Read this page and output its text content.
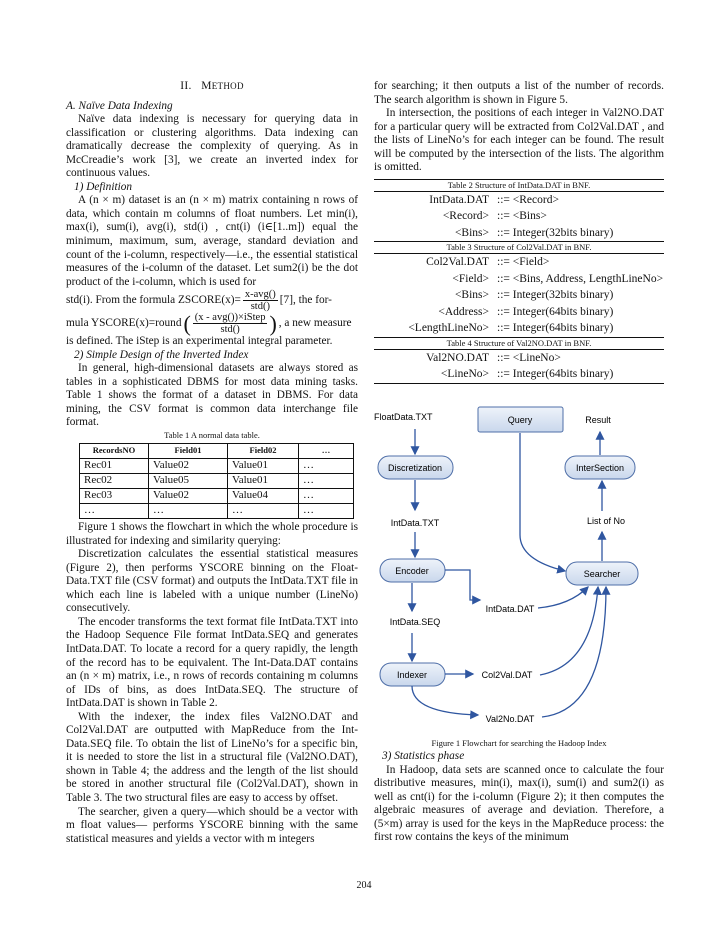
II. METHOD

A. Naïve Data Indexing

Naïve data indexing is necessary for querying data in classification or clustering algorithms. Data indexing can dramatically decrease the complexity of querying. As in McCreadie’s work [3], we create an inverted index for continuous values.

1) Definition

A (n × m) dataset is an (n × m) matrix containing n rows of data, which contain m columns of float numbers. Let min(i), max(i), sum(i), avg(i), std(i) , cnt(i) (i∈[1..m]) equal the minimum, maximum, sum, average, standard deviation and count of the i-column, respectively—i.e., the essential statistical measures of the i-column of the dataset. Let sum2(i) be the dot product of the i-column, which is used for

std(i). From the formula ZSCORE(x)= $\frac{\text{x-avg()}}{\text{std()}} [7]$, the for-
mula YSCORE(x)=round ( $\frac{\text{(x - avg())×iStep}}{\text{std()}}$ ) , a new measure

is defined. The iStep is an experimental integral parameter.

2) Simple Design of the Inverted Index

In general, high-dimensional datasets are always stored as tables in a sophisticated DBMS for most data mining tasks. Table 1 shows the format of a dataset in DBMS. For data mining, the CSV format is common data interchange file format.

Table 1 A normal data table.
RecordsNO	Field01	Field02	…
Rec01	Value02	Value01	…
Rec02	Value05	Value01	…
Rec03	Value02	Value04	…
…	…	…	…

Figure 1 shows the flowchart in which the whole procedure is illustrated for indexing and similarity querying:

Discretization calculates the essential statistical measures (Figure 2), then performs YSCORE binning on the Float-Data.TXT file (CSV format) and outputs the IntData.TXT file in which each line is labeled with a unique number (LineNo) consecutively.

The encoder transforms the text format file IntData.TXT into the Hadoop Sequence File format IntData.SEQ and generates IntData.DAT. To locate a record for a query rapidly, the length of the record has to be equivalent. The Int-Data.DAT contains an (n × m) matrix, i.e., n rows of records containing m columns of IDs of bins, as does IntData.SEQ. The structure of IntData.DAT is shown in Table 2.

With the indexer, the index files Val2NO.DAT and Col2Val.DAT are outputted with MapReduce from the Int-Data.SEQ file. To obtain the list of LineNo’s for a specific bin, it is needed to store the list in a structural file (Val2NO.DAT), shown in Table 4; the address and the length of the list should be stored in another structural file (Col2Val.DAT), shown in Table 3. The two structural files are easy to access by offset.

The searcher, given a query—which should be a vector with m float values— performs YSCORE binning with the same statistical measures and yields a vector with m integers

for searching; it then outputs a list of the number of records. The search algorithm is shown in Figure 5.

In intersection, the positions of each integer in Val2NO.DAT for a particular query will be extracted from Col2Val.DAT , and the lists of LineNo’s for each integer can be found. The result will be computed by the intersection of the lists. The algorithm is omitted.

Table 2 Structure of IntData.DAT in BNF.
IntData.DAT ::= <Record>
<Record> ::= <Bins>
<Bins> ::= Integer(32bits binary)
Table 3 Structure of Col2Val.DAT in BNF.
Col2Val.DAT ::= <Field>
<Field> ::= <Bins, Address, LengthLineNo>
<Bins> ::= Integer(32bits binary)
<Address> ::= Integer(64bits binary)
<LengthLineNo> ::= Integer(64bits binary)
Table 4 Structure of Val2NO.DAT in BNF.
Val2NO.DAT ::= <LineNo>
<LineNo> ::= Integer(64bits binary)
Query
FloatData.TXT	Result
IntData.TXT	List of No
IntData.DAT
IntData.SEQ
Col2Val.DAT
Val2No.DAT
Discretization	InterSection
Encoder	Searcher
Indexer
Figure 1 Flowchart for searching the Hadoop Index

3) Statistics phase

In Hadoop, data sets are scanned once to calculate the four distributive measures, min(i), max(i), sum(i) and sum2(i) as well as cnt(i) for the i-column (Figure 2); it then computes the algebraic measures of average and deviation. Therefore, a (5×m) array is used for the keys in the MapReduce process: the first row contains the keys of the minimum

204
